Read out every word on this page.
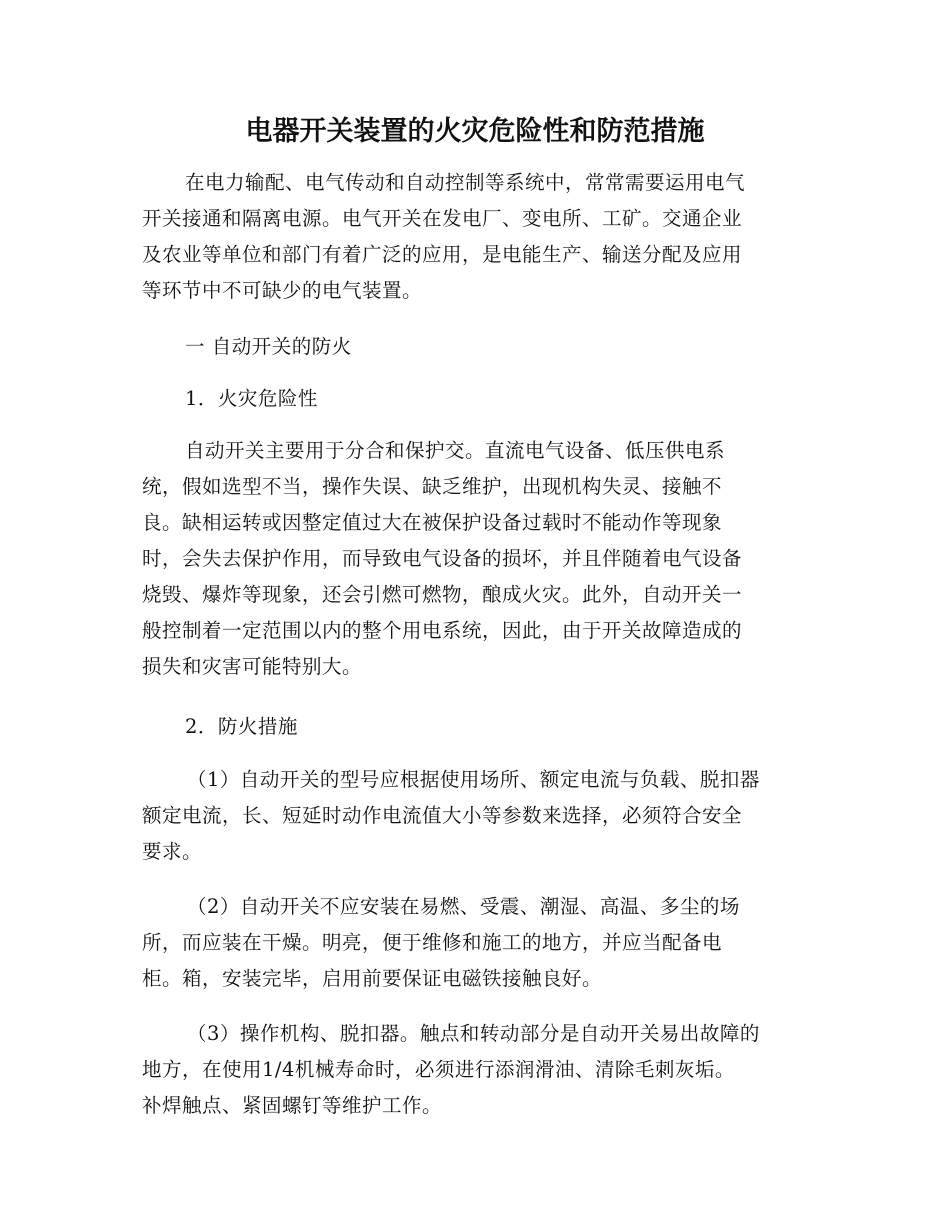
电器开关装置的火灾危险性和防范措施
在电力输配、电气传动和自动控制等系统中，常常需要运用电气
开关接通和隔离电源。电气开关在发电厂、变电所、工矿。交通企业
及农业等单位和部门有着广泛的应用，是电能生产、输送分配及应用
等环节中不可缺少的电气装置。
一 自动开关的防火
1．火灾危险性
自动开关主要用于分合和保护交。直流电气设备、低压供电系
统，假如选型不当，操作失误、缺乏维护，出现机构失灵、接触不
良。缺相运转或因整定值过大在被保护设备过载时不能动作等现象
时，会失去保护作用，而导致电气设备的损坏，并且伴随着电气设备
烧毁、爆炸等现象，还会引燃可燃物，酿成火灾。此外，自动开关一
般控制着一定范围以内的整个用电系统，因此，由于开关故障造成的
损失和灾害可能特别大。
2．防火措施
（1）自动开关的型号应根据使用场所、额定电流与负载、脱扣器
额定电流，长、短延时动作电流值大小等参数来选择，必须符合安全
要求。
（2）自动开关不应安装在易燃、受震、潮湿、高温、多尘的场
所，而应装在干燥。明亮，便于维修和施工的地方，并应当配备电
柜。箱，安装完毕，启用前要保证电磁铁接触良好。
（3）操作机构、脱扣器。触点和转动部分是自动开关易出故障的
地方，在使用1/4机械寿命时，必须进行添润滑油、清除毛刺灰垢。
补焊触点、紧固螺钉等维护工作。
